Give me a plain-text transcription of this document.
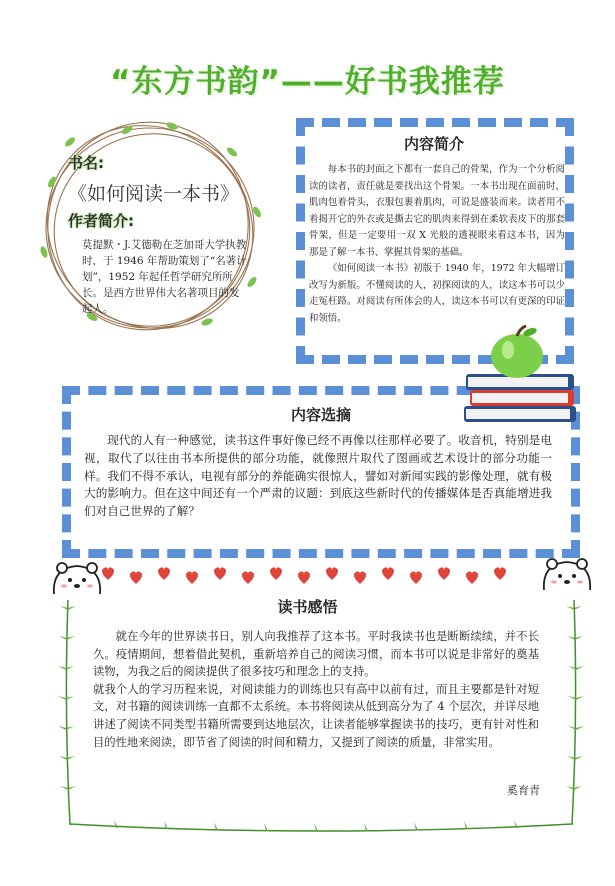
“东方书韵”——好书我推荐
书名:
《如何阅读一本书》
作者简介:
莫提默・J.艾德勒在芝加哥大学执教时，于 1946 年帮助策划了“名著计划”，1952 年起任哲学研究所所长。是西方世界伟大名著项目的发起人。
内容简介

每本书的封面之下都有一套自己的骨架，作为一个分析阅读的读者，责任就是要找出这个骨架。一本书出现在面前时，肌肉包着骨头，衣服包裹着肌肉，可说是盛装而来。读者用不着揭开它的外衣或是撕去它的肌肉来得到在柔软表皮下的那套骨架，但是一定要用一双 X 光般的透视眼来看这本书，因为那是了解一本书、掌握其骨架的基础。

《如何阅读一本书》初版于 1940 年，1972 年大幅增订改写为新版。不懂阅读的人，初探阅读的人，读这本书可以少走冤枉路。对阅读有所体会的人，读这本书可以有更深的印证和领悟。

内容选摘
现代的人有一种感觉，读书这件事好像已经不再像以往那样必要了。收音机，特别是电视，取代了以往由书本所提供的部分功能，就像照片取代了图画或艺术设计的部分功能一样。我们不得不承认，电视有部分的养能确实很惊人，譬如对新闻实践的影像处理，就有极大的影响力。但在这中间还有一个严肃的议题：到底这些新时代的传播媒体是否真能增进我们对自己世界的了解？
读书感悟

就在今年的世界读书日，别人向我推荐了这本书。平时我读书也是断断续续，并不长久。疫情期间，想着借此契机，重新培养自己的阅读习惯，而本书可以说是非常好的奠基读物，为我之后的阅读提供了很多技巧和理念上的支持。

就我个人的学习历程来说，对阅读能力的训练也只有高中以前有过，而且主要都是针对短文，对书籍的阅读训练一直都不太系统。本书将阅读从低到高分为了 4 个层次，并详尽地讲述了阅读不同类型书籍所需要到达地层次，让读者能够掌握读书的技巧，更有针对性和目的性地来阅读，即节省了阅读的时间和精力，又提到了阅读的质量，非常实用。

奚育青
